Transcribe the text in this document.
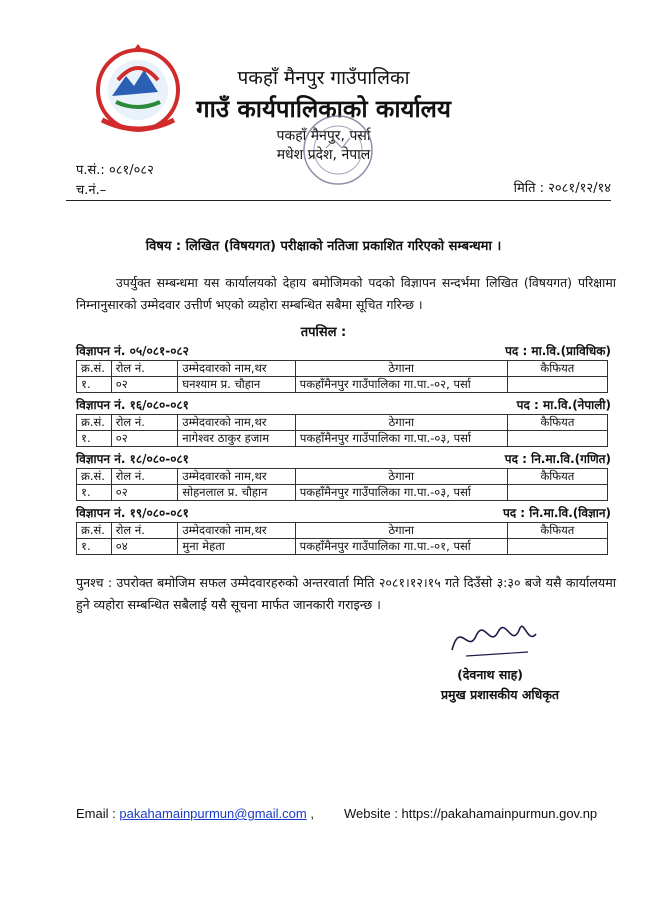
पकहाँ मैनपुर गाउँपालिका
गाउँ कार्यपालिकाको कार्यालय
पकहाँ मैनपुर, पर्सा
मधेश प्रदेश, नेपाल
प.सं.: ०८१/०८२
च.नं.–	मिति : २०८१/१२/१४
विषय : लिखित (विषयगत) परीक्षाको नतिजा प्रकाशित गरिएको सम्बन्धमा ।
उपर्युक्त सम्बन्धमा यस कार्यालयको देहाय बमोजिमको पदको विज्ञापन सन्दर्भमा लिखित (विषयगत) परिक्षामा निम्नानुसारको उम्मेदवार उत्तीर्ण भएको व्यहोरा सम्बन्धित सबैमा सूचित गरिन्छ ।
तपसिल :
विज्ञापन नं. ०५/०८१-०८२	पद : मा.वि.(प्राविधिक)
क्र.सं.	रोल नं.	उम्मेदवारको नाम,थर	ठेगाना	कैफियत
१.	०२	घनश्याम प्र. चौहान	पकहाँमैनपुर गाउँपालिका गा.पा.-०२, पर्सा	
विज्ञापन नं. १६/०८०-०८१	पद : मा.वि.(नेपाली)
क्र.सं.	रोल नं.	उम्मेदवारको नाम,थर	ठेगाना	कैफियत
१.	०२	नागेश्वर ठाकुर हजाम	पकहाँमैनपुर गाउँपालिका गा.पा.-०३, पर्सा	
विज्ञापन नं. १८/०८०-०८१	पद : नि.मा.वि.(गणित)
क्र.सं.	रोल नं.	उम्मेदवारको नाम,थर	ठेगाना	कैफियत
१.	०२	सोहनलाल प्र. चौहान	पकहाँमैनपुर गाउँपालिका गा.पा.-०३, पर्सा	
विज्ञापन नं. १९/०८०-०८१	पद : नि.मा.वि.(विज्ञान)
क्र.सं.	रोल नं.	उम्मेदवारको नाम,थर	ठेगाना	कैफियत
१.	०४	मुना मेहता	पकहाँमैनपुर गाउँपालिका गा.पा.-०१, पर्सा	
पुनश्च : उपरोक्त बमोजिम सफल उम्मेदवारहरुको अन्तरवार्ता मिति २०८१।१२।१५ गते दिउँसो ३:३० बजे यसै कार्यालयमा हुने व्यहोरा सम्बन्धित सबैलाई यसै सूचना मार्फत जानकारी गराइन्छ ।
(देवनाथ साह)
प्रमुख प्रशासकीय अधिकृत
Email : pakahamainpurmun@gmail.com , Website : https://pakahamainpurmun.gov.np
